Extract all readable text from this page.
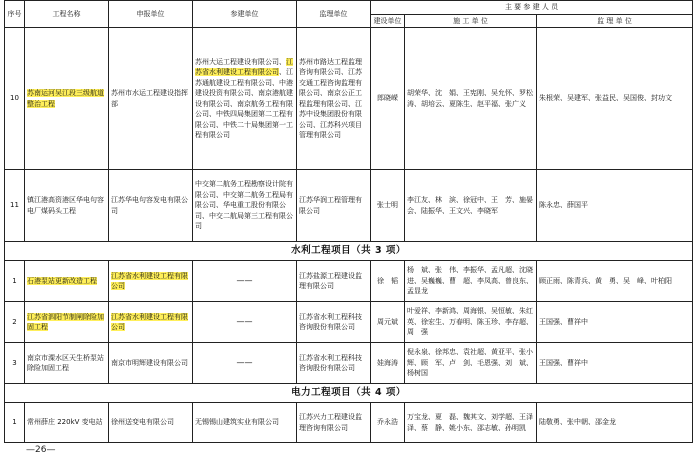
序号	工程名称	申报单位	参建单位	监理单位	主 要 参 建 人 员		
					建设单位	施 工 单 位	监 理 单 位
10	苏南运河吴江段三级航道整治工程	苏州市水运工程建设指挥部	苏州大运工程建设有限公司、江苏省水利建设工程有限公司、江苏通航建设工程有限公司、中港建设投资有限公司、南京港航建设有限公司、南京航务工程有限公司、中铁四局集团第二工程有限公司、中铁二十局集团第一工程有限公司	苏州市路达工程监理咨询有限公司、江苏交通工程咨询监理有限公司、南京公正工程监理有限公司、江苏中设集团股份有限公司、江苏科兴项目管理有限公司	郎晓嵘	胡荣华、沈　娟、王宪刚、吴允怀、罗松涛、胡培云、夏陈生、赵平福、张广义	朱根荣、吴建军、张益民、吴国俊、封功文
11	镇江港高资港区华电句容电厂煤码头工程	江苏华电句容发电有限公司	中交第二航务工程勘察设计院有限公司、中交第二航务工程局有限公司、华电重工股份有限公司、中交二航局第三工程有限公司	江苏华润工程管理有限公司	张士明	李江友、林　滨、徐冠中、王　芳、施晏会、陆振华、王文兴、李晓军	陈永忠、薛国平
水利工程项目（共 3 项）							
1	石港泵站更新改造工程	江苏省水利建设工程有限公司	——	江苏盐源工程建设监理有限公司	徐　韬	杨　斌、张　伟、李振华、孟凡超、沈晓进、吴巍巍、曹　超、李凤高、曾良东、孟显龙	顾正雨、陈青兵、黄　勇、吴　峰、叶柏阳
2	江苏省泗阳节制闸除险加固工程	江苏省水利建设工程有限公司	——	江苏省水利工程科技咨询股份有限公司	周元斌	叶爱祥、李新鸿、周海银、吴恒敏、朱红英、徐宏生、万春明、陈玉珍、李存超、周　强	王国强、曹祥中
3	南京市溧水区天生桥泵站除险加固工程	南京市明辉建设有限公司	——	江苏省水利工程科技咨询股份有限公司	娃海涛	倪永泉、徐邦忠、袁社超、黄亚平、张小辉、顾　军、卢　剑、毛恩强、刘　斌、杨树国	王国强、曹祥中
电力工程项目（共 4 项）							
1	常州薛庄 220kV 变电站	徐州送变电有限公司	无锡锡山建筑实业有限公司	江苏兴力工程建设监理咨询有限公司	乔永浩	万宝龙、夏　磊、魏其文、刘学超、王泽泽、蔡　静、姚小东、邵志敏、孙明凯	陆敬勇、张中朝、邵金龙
—26—
